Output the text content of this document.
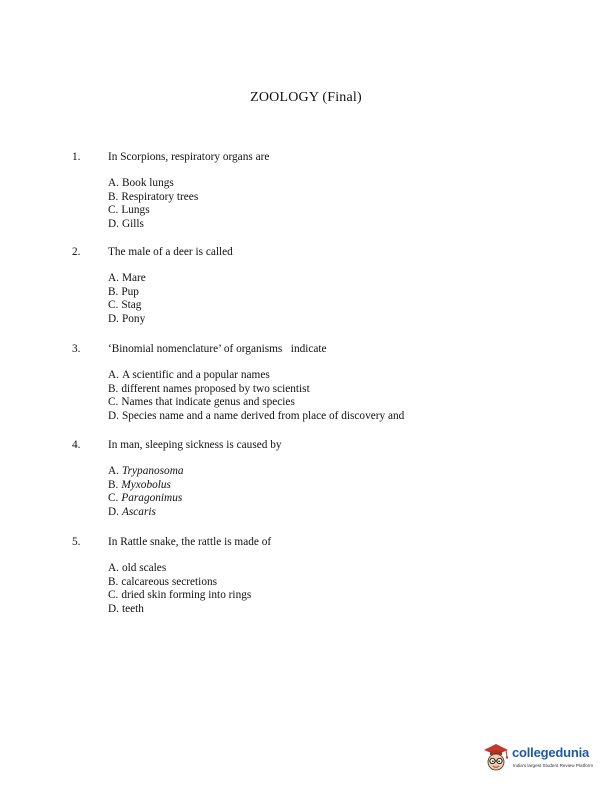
ZOOLOGY (Final)
1. In Scorpions, respiratory organs are
A. Book lungs
B. Respiratory trees
C. Lungs
D. Gills
2. The male of a deer is called
A. Mare
B. Pup
C. Stag
D. Pony
3. ‘Binomial nomenclature’ of organisms   indicate
A. A scientific and a popular names
B. different names proposed by two scientist
C. Names that indicate genus and species
D. Species name and a name derived from place of discovery and
4. In man, sleeping sickness is caused by
A. Trypanosoma
B. Myxobolus
C. Paragonimus
D. Ascaris
5. In Rattle snake, the rattle is made of
A. old scales
B. calcareous secretions
C. dried skin forming into rings
D. teeth
collegedunia
India's largest Student Review Platform
